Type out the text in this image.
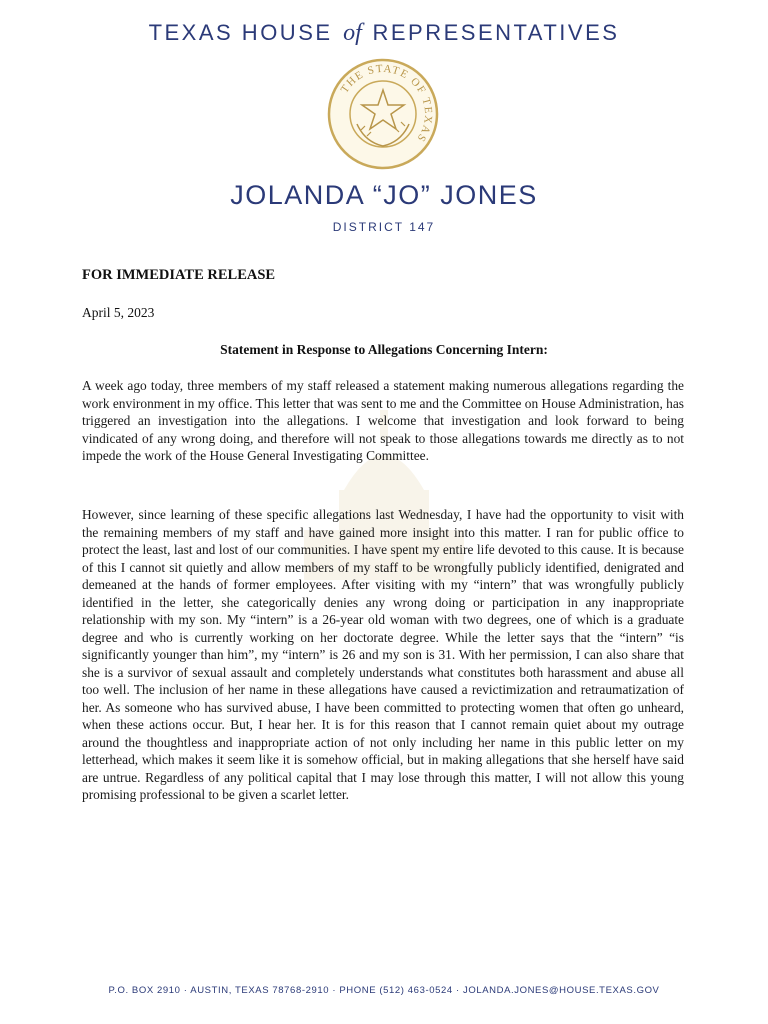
TEXAS HOUSE of REPRESENTATIVES
THE STATE OF TEXAS
JOLANDA “JO” JONES
DISTRICT 147
FOR IMMEDIATE RELEASE
April 5, 2023
Statement in Response to Allegations Concerning Intern:
A week ago today, three members of my staff released a statement making numerous allegations regarding the work environment in my office. This letter that was sent to me and the Committee on House Administration, has triggered an investigation into the allegations. I welcome that investigation and look forward to being vindicated of any wrong doing, and therefore will not speak to those allegations towards me directly as to not impede the work of the House General Investigating Committee.
However, since learning of these specific allegations last Wednesday, I have had the opportunity to visit with the remaining members of my staff and have gained more insight into this matter. I ran for public office to protect the least, last and lost of our communities. I have spent my entire life devoted to this cause. It is because of this I cannot sit quietly and allow members of my staff to be wrongfully publicly identified, denigrated and demeaned at the hands of former employees. After visiting with my “intern” that was wrongfully publicly identified in the letter, she categorically denies any wrong doing or participation in any inappropriate relationship with my son. My “intern” is a 26-year old woman with two degrees, one of which is a graduate degree and who is currently working on her doctorate degree. While the letter says that the “intern” “is significantly younger than him”, my “intern” is 26 and my son is 31. With her permission, I can also share that she is a survivor of sexual assault and completely understands what constitutes both harassment and abuse all too well. The inclusion of her name in these allegations have caused a revictimization and retraumatization of her. As someone who has survived abuse, I have been committed to protecting women that often go unheard, when these actions occur. But, I hear her. It is for this reason that I cannot remain quiet about my outrage around the thoughtless and inappropriate action of not only including her name in this public letter on my letterhead, which makes it seem like it is somehow official, but in making allegations that she herself have said are untrue. Regardless of any political capital that I may lose through this matter, I will not allow this young promising professional to be given a scarlet letter.
P.O. BOX 2910 · AUSTIN, TEXAS 78768-2910 · PHONE (512) 463-0524 · JOLANDA.JONES@HOUSE.TEXAS.GOV
